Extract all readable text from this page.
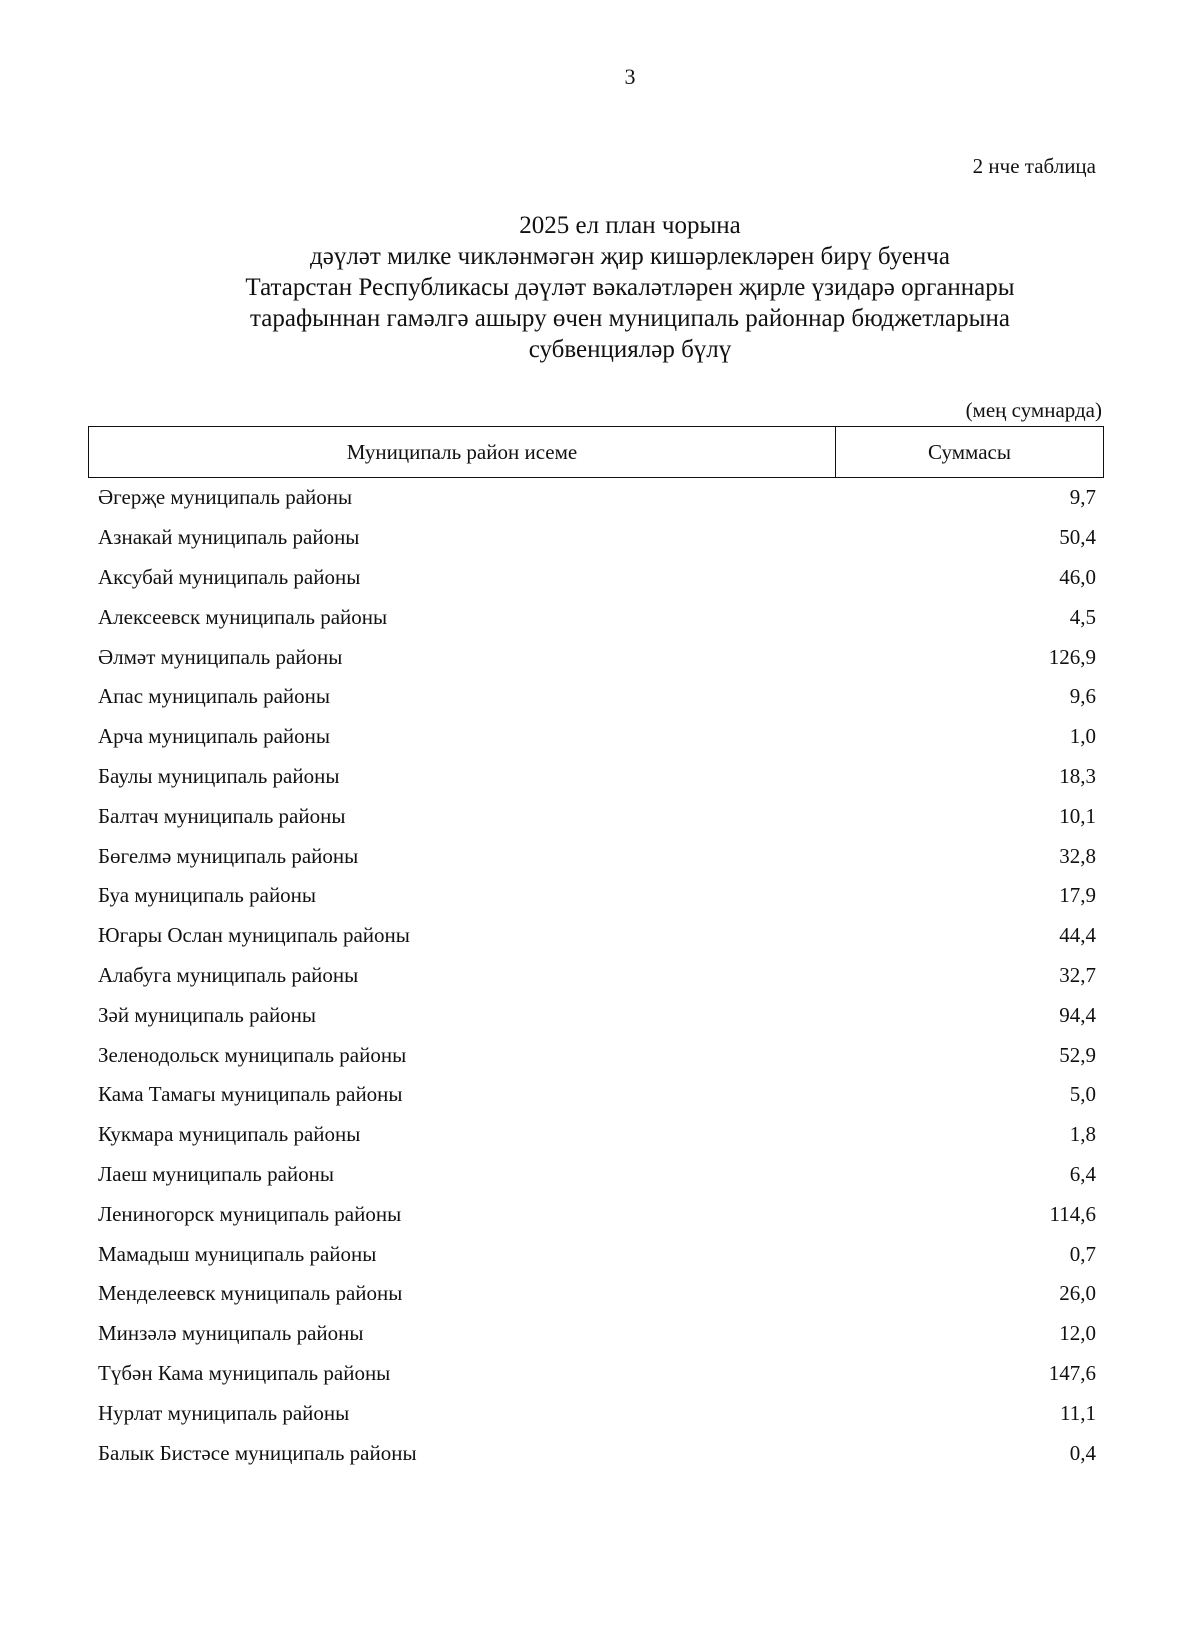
3
2 нче таблица
2025 ел план чорына
дәүләт милке чикләнмәгән җир кишәрлекләрен бирү буенча
Татарстан Республикасы дәүләт вәкаләтләрен җирле үзидарә органнары
тарафыннан гамәлгә ашыру өчен муниципаль районнар бюджетларына
субвенцияләр бүлү
(мең сумнарда)
Муниципаль район исеме	Суммасы
Әгерҗе муниципаль районы	9,7
Азнакай муниципаль районы	50,4
Аксубай муниципаль районы	46,0
Алексеевск муниципаль районы	4,5
Әлмәт муниципаль районы	126,9
Апас муниципаль районы	9,6
Арча муниципаль районы	1,0
Баулы муниципаль районы	18,3
Балтач муниципаль районы	10,1
Бөгелмә муниципаль районы	32,8
Буа муниципаль районы	17,9
Югары Ослан муниципаль районы	44,4
Алабуга муниципаль районы	32,7
Зәй муниципаль районы	94,4
Зеленодольск муниципаль районы	52,9
Кама Тамагы муниципаль районы	5,0
Кукмара муниципаль районы	1,8
Лаеш муниципаль районы	6,4
Лениногорск муниципаль районы	114,6
Мамадыш муниципаль районы	0,7
Менделеевск муниципаль районы	26,0
Минзәлә муниципаль районы	12,0
Түбән Кама муниципаль районы	147,6
Нурлат муниципаль районы	11,1
Балык Бистәсе муниципаль районы	0,4
